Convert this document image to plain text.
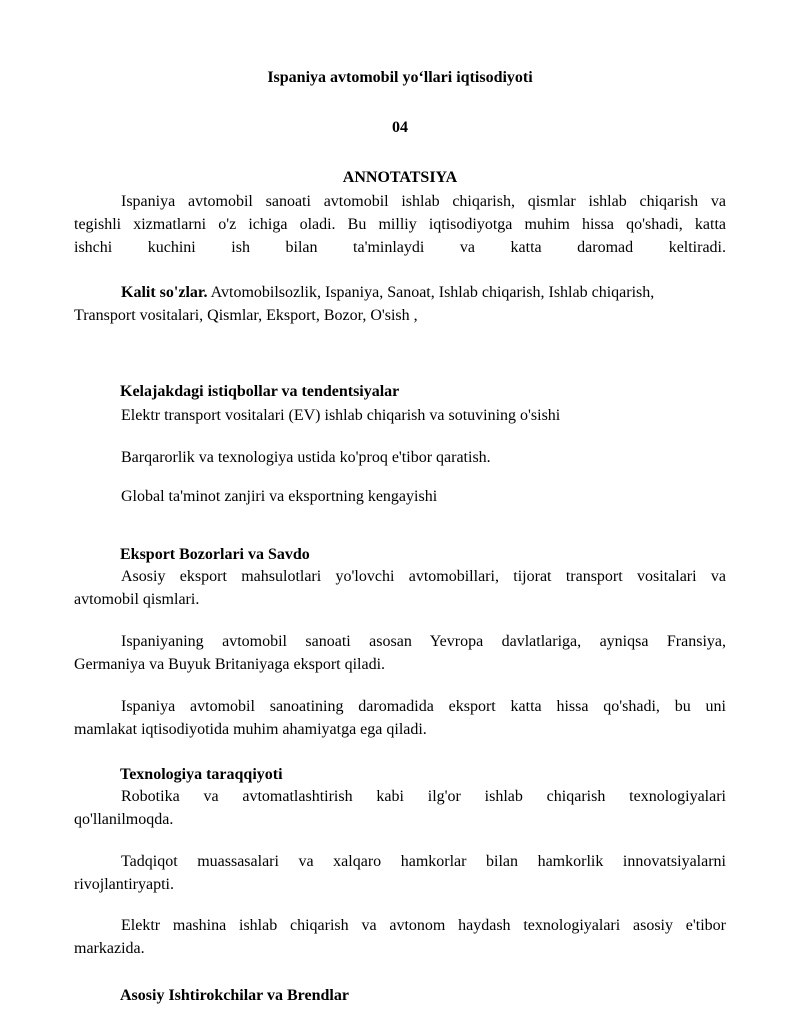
Ispaniya avtomobil yo‘llari iqtisodiyoti
04
ANNOTATSIYA
Ispaniya avtomobil sanoati avtomobil ishlab chiqarish, qismlar ishlab chiqarish va
tegishli xizmatlarni o'z ichiga oladi. Bu milliy iqtisodiyotga muhim hissa qo'shadi, katta
ishchi kuchini ish bilan ta'minlaydi va katta daromad keltiradi.
Kalit so'zlar. Avtomobilsozlik, Ispaniya, Sanoat, Ishlab chiqarish, Ishlab chiqarish,
Transport vositalari, Qismlar, Eksport, Bozor, O'sish ,
Kelajakdagi istiqbollar va tendentsiyalar
Elektr transport vositalari (EV) ishlab chiqarish va sotuvining o'sishi
Barqarorlik va texnologiya ustida ko'proq e'tibor qaratish.
Global ta'minot zanjiri va eksportning kengayishi
Eksport Bozorlari va Savdo
Asosiy eksport mahsulotlari yo'lovchi avtomobillari, tijorat transport vositalari va
avtomobil qismlari.
Ispaniyaning avtomobil sanoati asosan Yevropa davlatlariga, ayniqsa Fransiya,
Germaniya va Buyuk Britaniyaga eksport qiladi.
Ispaniya avtomobil sanoatining daromadida eksport katta hissa qo'shadi, bu uni
mamlakat iqtisodiyotida muhim ahamiyatga ega qiladi.
Texnologiya taraqqiyoti
Robotika va avtomatlashtirish kabi ilg'or ishlab chiqarish texnologiyalari
qo'llanilmoqda.
Tadqiqot muassasalari va xalqaro hamkorlar bilan hamkorlik innovatsiyalarni
rivojlantiryapti.
Elektr mashina ishlab chiqarish va avtonom haydash texnologiyalari asosiy e'tibor
markazida.
Asosiy Ishtirokchilar va Brendlar
